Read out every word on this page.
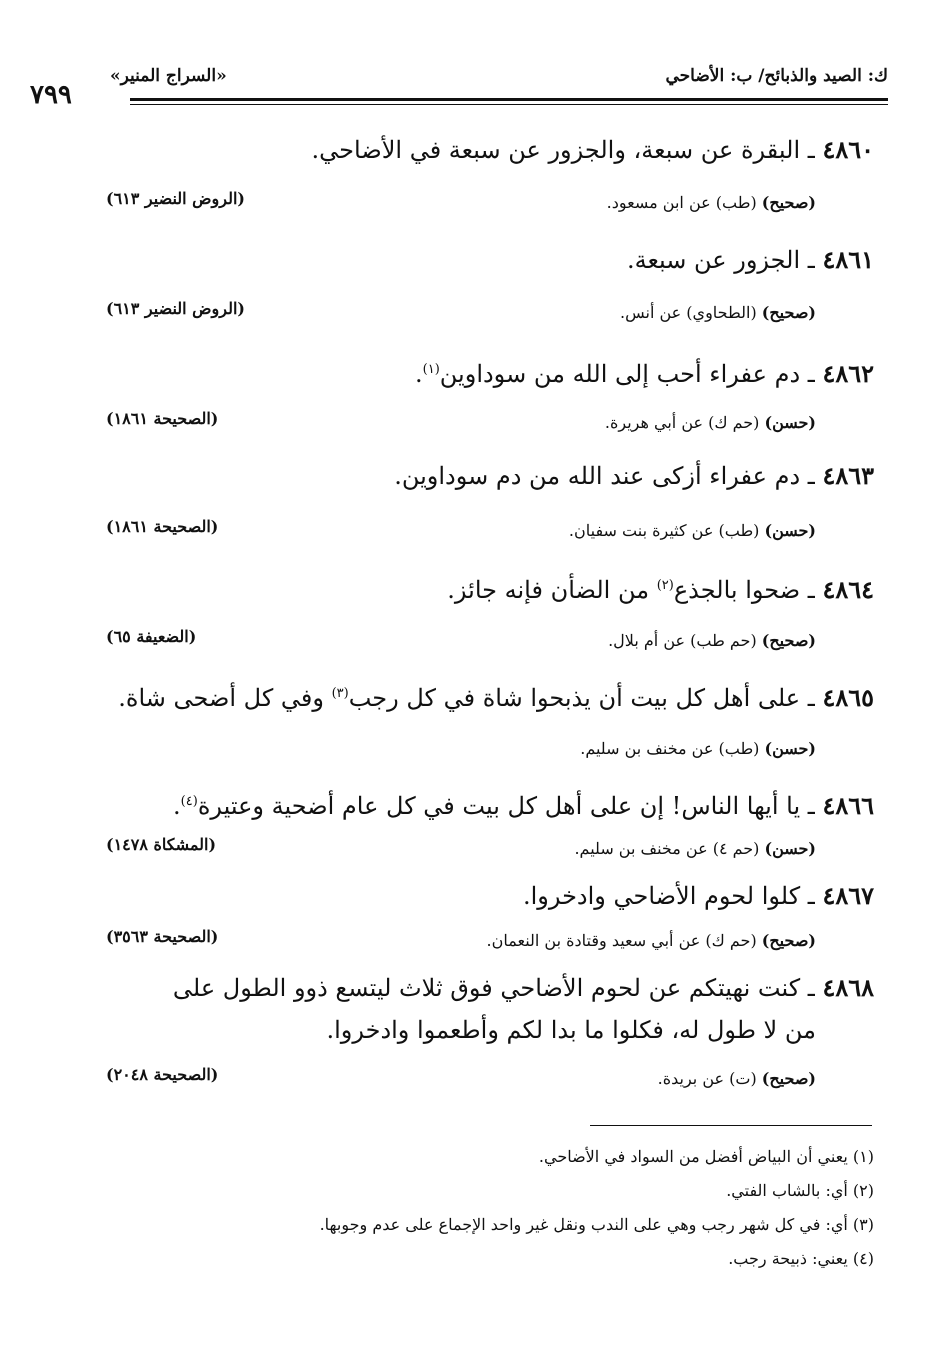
٧٩٩
«السراج المنير»	ك: الصيد والذبائح/ ب: الأضاحي
٤٨٦٠ ـ البقرة عن سبعة، والجزور عن سبعة في الأضاحي.
(صحيح) (طب) عن ابن مسعود.
(الروض النضير ٦١٣)
٤٨٦١ ـ الجزور عن سبعة.
(صحيح) (الطحاوي) عن أنس.
(الروض النضير ٦١٣)
٤٨٦٢ ـ دم عفراء أحب إلى الله من سوداوين$^{(١)}$.
(حسن) (حم ك) عن أبي هريرة.
(الصحيحة ١٨٦١)
٤٨٦٣ ـ دم عفراء أزكى عند الله من دم سوداوين.
(حسن) (طب) عن كثيرة بنت سفيان.
(الصحيحة ١٨٦١)
٤٨٦٤ ـ ضحوا بالجذع$^{(٢)}$ من الضأن فإنه جائز.
(صحيح) (حم طب) عن أم بلال.
(الضعيفة ٦٥)
٤٨٦٥ ـ على أهل كل بيت أن يذبحوا شاة في كل رجب$^{(٣)}$ وفي كل أضحى شاة.
(حسن) (طب) عن مخنف بن سليم.
٤٨٦٦ ـ يا أيها الناس! إن على أهل كل بيت في كل عام أضحية وعتيرة$^{(٤)}$.
(حسن) (حم ٤) عن مخنف بن سليم.
(المشكاة ١٤٧٨)
٤٨٦٧ ـ كلوا لحوم الأضاحي وادخروا.
(صحيح) (حم ك) عن أبي سعيد وقتادة بن النعمان.
(الصحيحة ٣٥٦٣)
٤٨٦٨ ـ كنت نهيتكم عن لحوم الأضاحي فوق ثلاث ليتسع ذوو الطول على
من لا طول له، فكلوا ما بدا لكم وأطعموا وادخروا.
(صحيح) (ت) عن بريدة.
(الصحيحة ٢٠٤٨)
(١) يعني أن البياض أفضل من السواد في الأضاحي.
(٢) أي: بالشاب الفتي.
(٣) أي: في كل شهر رجب وهي على الندب ونقل غير واحد الإجماع على عدم وجوبها.
(٤) يعني: ذبيحة رجب.
